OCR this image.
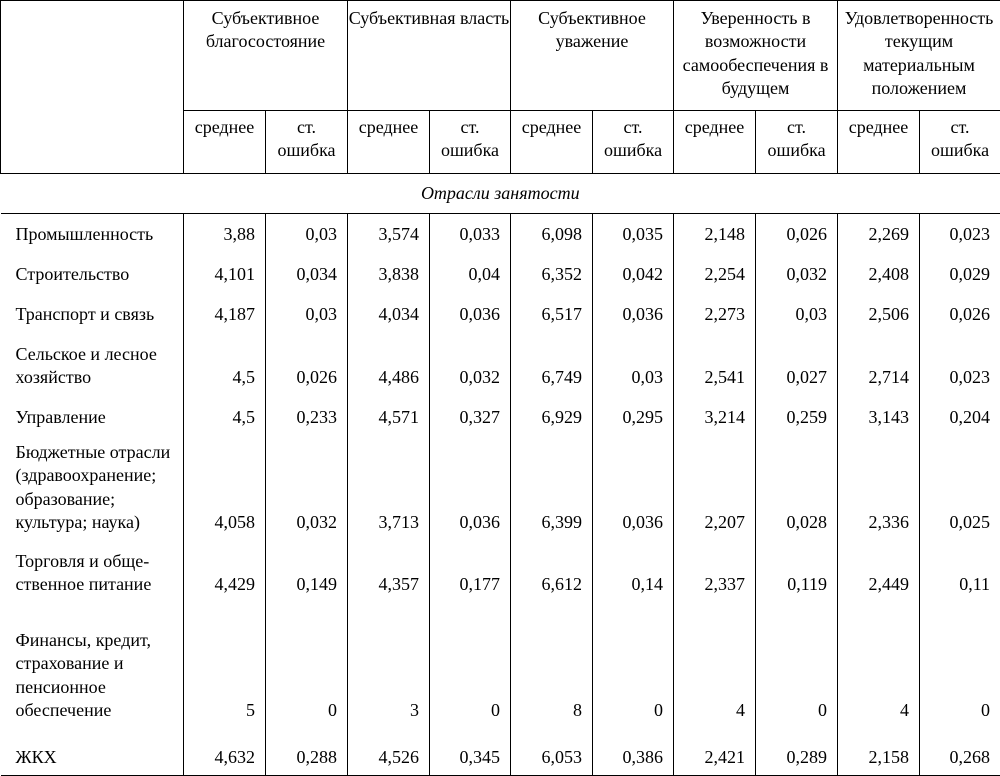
	Субъективное благосостояние		Субъективная власть		Субъективное уважение		Уверенность в возможности самообеспечения в будущем		Удовлетворенность текущим материальным положением	
	среднее	ст. ошибка	среднее	ст. ошибка	среднее	ст. ошибка	среднее	ст. ошибка	среднее	ст. ошибка
Отрасли занятости										
Промышленность	3,88	0,03	3,574	0,033	6,098	0,035	2,148	0,026	2,269	0,023
Строительство	4,101	0,034	3,838	0,04	6,352	0,042	2,254	0,032	2,408	0,029
Транспорт и связь	4,187	0,03	4,034	0,036	6,517	0,036	2,273	0,03	2,506	0,026
Сельское и лесное хозяйство	4,5	0,026	4,486	0,032	6,749	0,03	2,541	0,027	2,714	0,023
Управление	4,5	0,233	4,571	0,327	6,929	0,295	3,214	0,259	3,143	0,204
Бюджетные отрасли (здравоохранение; образование; культура; наука)	4,058	0,032	3,713	0,036	6,399	0,036	2,207	0,028	2,336	0,025
Торговля и общественное питание	4,429	0,149	4,357	0,177	6,612	0,14	2,337	0,119	2,449	0,11
Финансы, кредит, страхование и пенсионное обеспечение	5	0	3	0	8	0	4	0	4	0
ЖКХ	4,632	0,288	4,526	0,345	6,053	0,386	2,421	0,289	2,158	0,268
